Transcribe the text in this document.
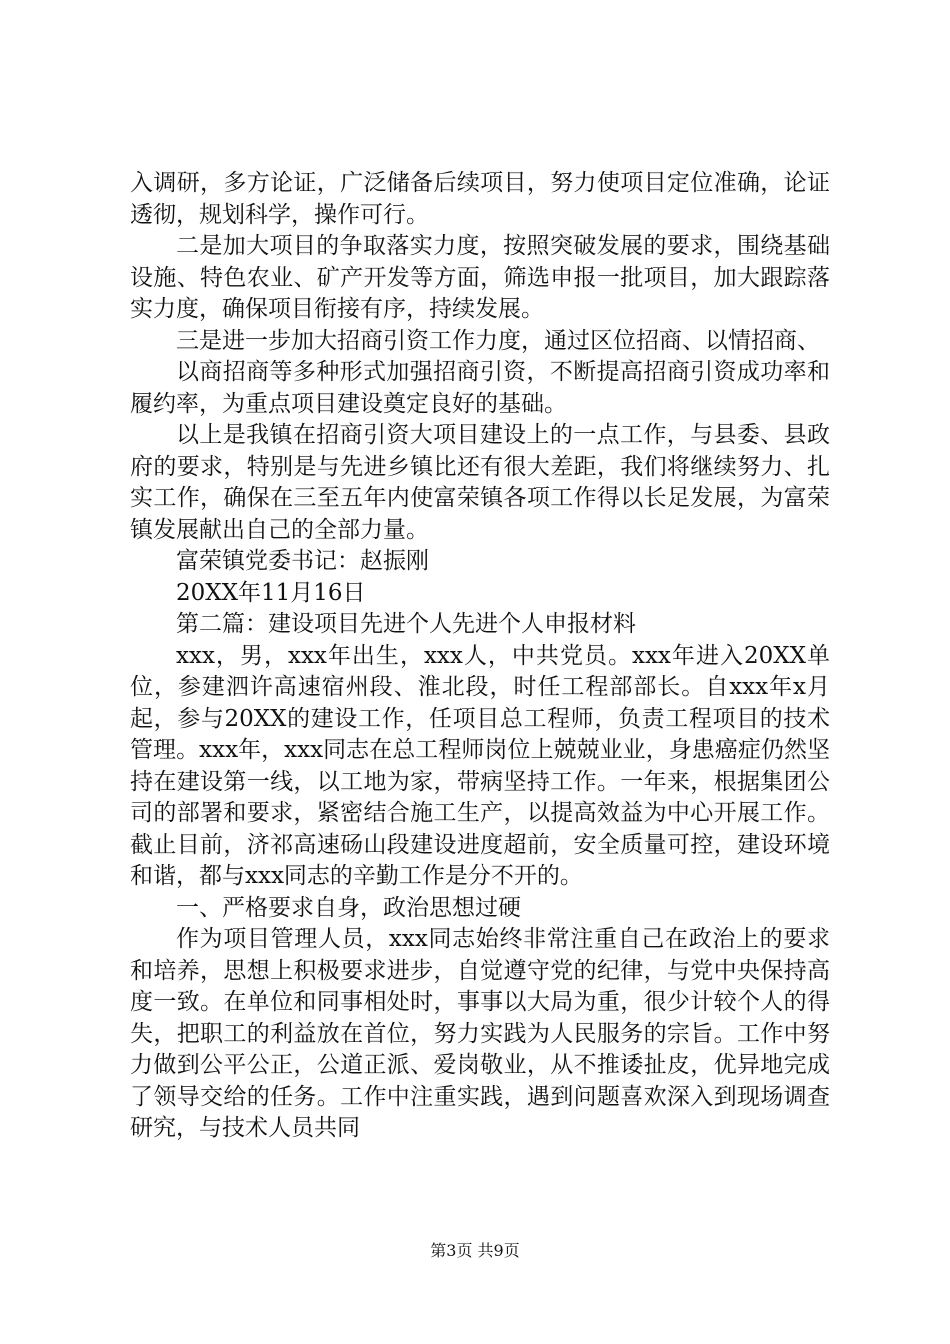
入调研，多方论证，广泛储备后续项目，努力使项目定位准确，论证透彻，规划科学，操作可行。

二是加大项目的争取落实力度，按照突破发展的要求，围绕基础设施、特色农业、矿产开发等方面，筛选申报一批项目，加大跟踪落实力度，确保项目衔接有序，持续发展。

三是进一步加大招商引资工作力度，通过区位招商、以情招商、

以商招商等多种形式加强招商引资，不断提高招商引资成功率和履约率，为重点项目建设奠定良好的基础。

以上是我镇在招商引资大项目建设上的一点工作，与县委、县政府的要求，特别是与先进乡镇比还有很大差距，我们将继续努力、扎实工作，确保在三至五年内使富荣镇各项工作得以长足发展，为富荣镇发展献出自己的全部力量。

富荣镇党委书记：赵振刚

20XX年11月16日

第二篇：建设项目先进个人先进个人申报材料

xxx，男，xxx年出生，xxx人，中共党员。xxx年进入20XX单位，参建泗许高速宿州段、淮北段，时任工程部部长。自xxx年x月起，参与20XX的建设工作，任项目总工程师，负责工程项目的技术管理。xxx年，xxx同志在总工程师岗位上兢兢业业，身患癌症仍然坚持在建设第一线，以工地为家，带病坚持工作。一年来，根据集团公司的部署和要求，紧密结合施工生产，以提高效益为中心开展工作。截止目前，济祁高速砀山段建设进度超前，安全质量可控，建设环境和谐，都与xxx同志的辛勤工作是分不开的。

一、严格要求自身，政治思想过硬

作为项目管理人员，xxx同志始终非常注重自己在政治上的要求和培养，思想上积极要求进步，自觉遵守党的纪律，与党中央保持高度一致。在单位和同事相处时，事事以大局为重，很少计较个人的得失，把职工的利益放在首位，努力实践为人民服务的宗旨。工作中努力做到公平公正，公道正派、爱岗敬业，从不推诿扯皮，优异地完成了领导交给的任务。工作中注重实践，遇到问题喜欢深入到现场调查研究，与技术人员共同

第3页 共9页
